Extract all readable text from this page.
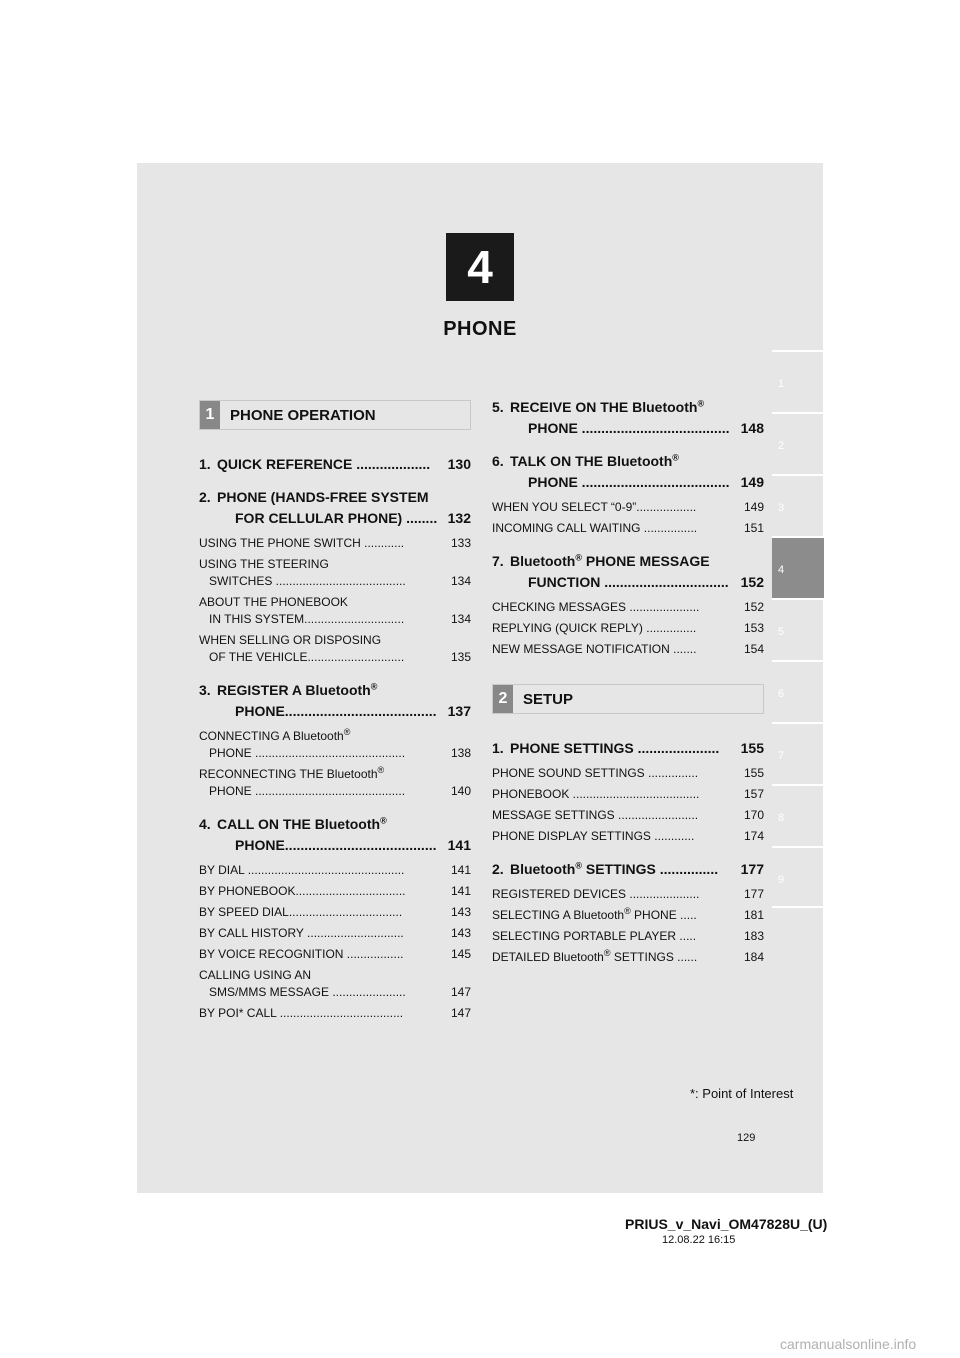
4
PHONE
1
2
3
4
5
6
7
8
9
1	PHONE OPERATION
1. QUICK REFERENCE ...................	130
2. PHONE (HANDS-FREE SYSTEM
FOR CELLULAR PHONE) ........ 132
USING THE PHONE SWITCH ............	133
USING THE STEERING
SWITCHES .......................................	134
ABOUT THE PHONEBOOK
IN THIS SYSTEM..............................	134
WHEN SELLING OR DISPOSING
OF THE VEHICLE.............................	135
3. REGISTER A Bluetooth®
PHONE....................................... 137
CONNECTING A Bluetooth®
PHONE .............................................	138
RECONNECTING THE Bluetooth®
PHONE .............................................	140
4. CALL ON THE Bluetooth®
PHONE....................................... 141
BY DIAL ...............................................	141
BY PHONEBOOK.................................	141
BY SPEED DIAL..................................	143
BY CALL HISTORY .............................	143
BY VOICE RECOGNITION .................	145
CALLING USING AN
SMS/MMS MESSAGE ......................	147
BY POI* CALL .....................................	147
5. RECEIVE ON THE Bluetooth®
PHONE ...................................... 148
6. TALK ON THE Bluetooth®
PHONE ...................................... 149
WHEN YOU SELECT “0-9”..................	149
INCOMING CALL WAITING ................	151
7. Bluetooth® PHONE MESSAGE
FUNCTION ................................ 152
CHECKING MESSAGES .....................	152
REPLYING (QUICK REPLY) ...............	153
NEW MESSAGE NOTIFICATION .......	154
2	SETUP
1. PHONE SETTINGS .....................	155
PHONE SOUND SETTINGS ...............	155
PHONEBOOK ......................................	157
MESSAGE SETTINGS ........................	170
PHONE DISPLAY SETTINGS ............	174
2. Bluetooth® SETTINGS ...............	177
REGISTERED DEVICES .....................	177
SELECTING A Bluetooth® PHONE .....	181
SELECTING PORTABLE PLAYER .....	183
DETAILED Bluetooth® SETTINGS ......	184
*: Point of Interest
129
PRIUS_v_Navi_OM47828U_(U)
12.08.22 16:15
carmanualsonline.info
